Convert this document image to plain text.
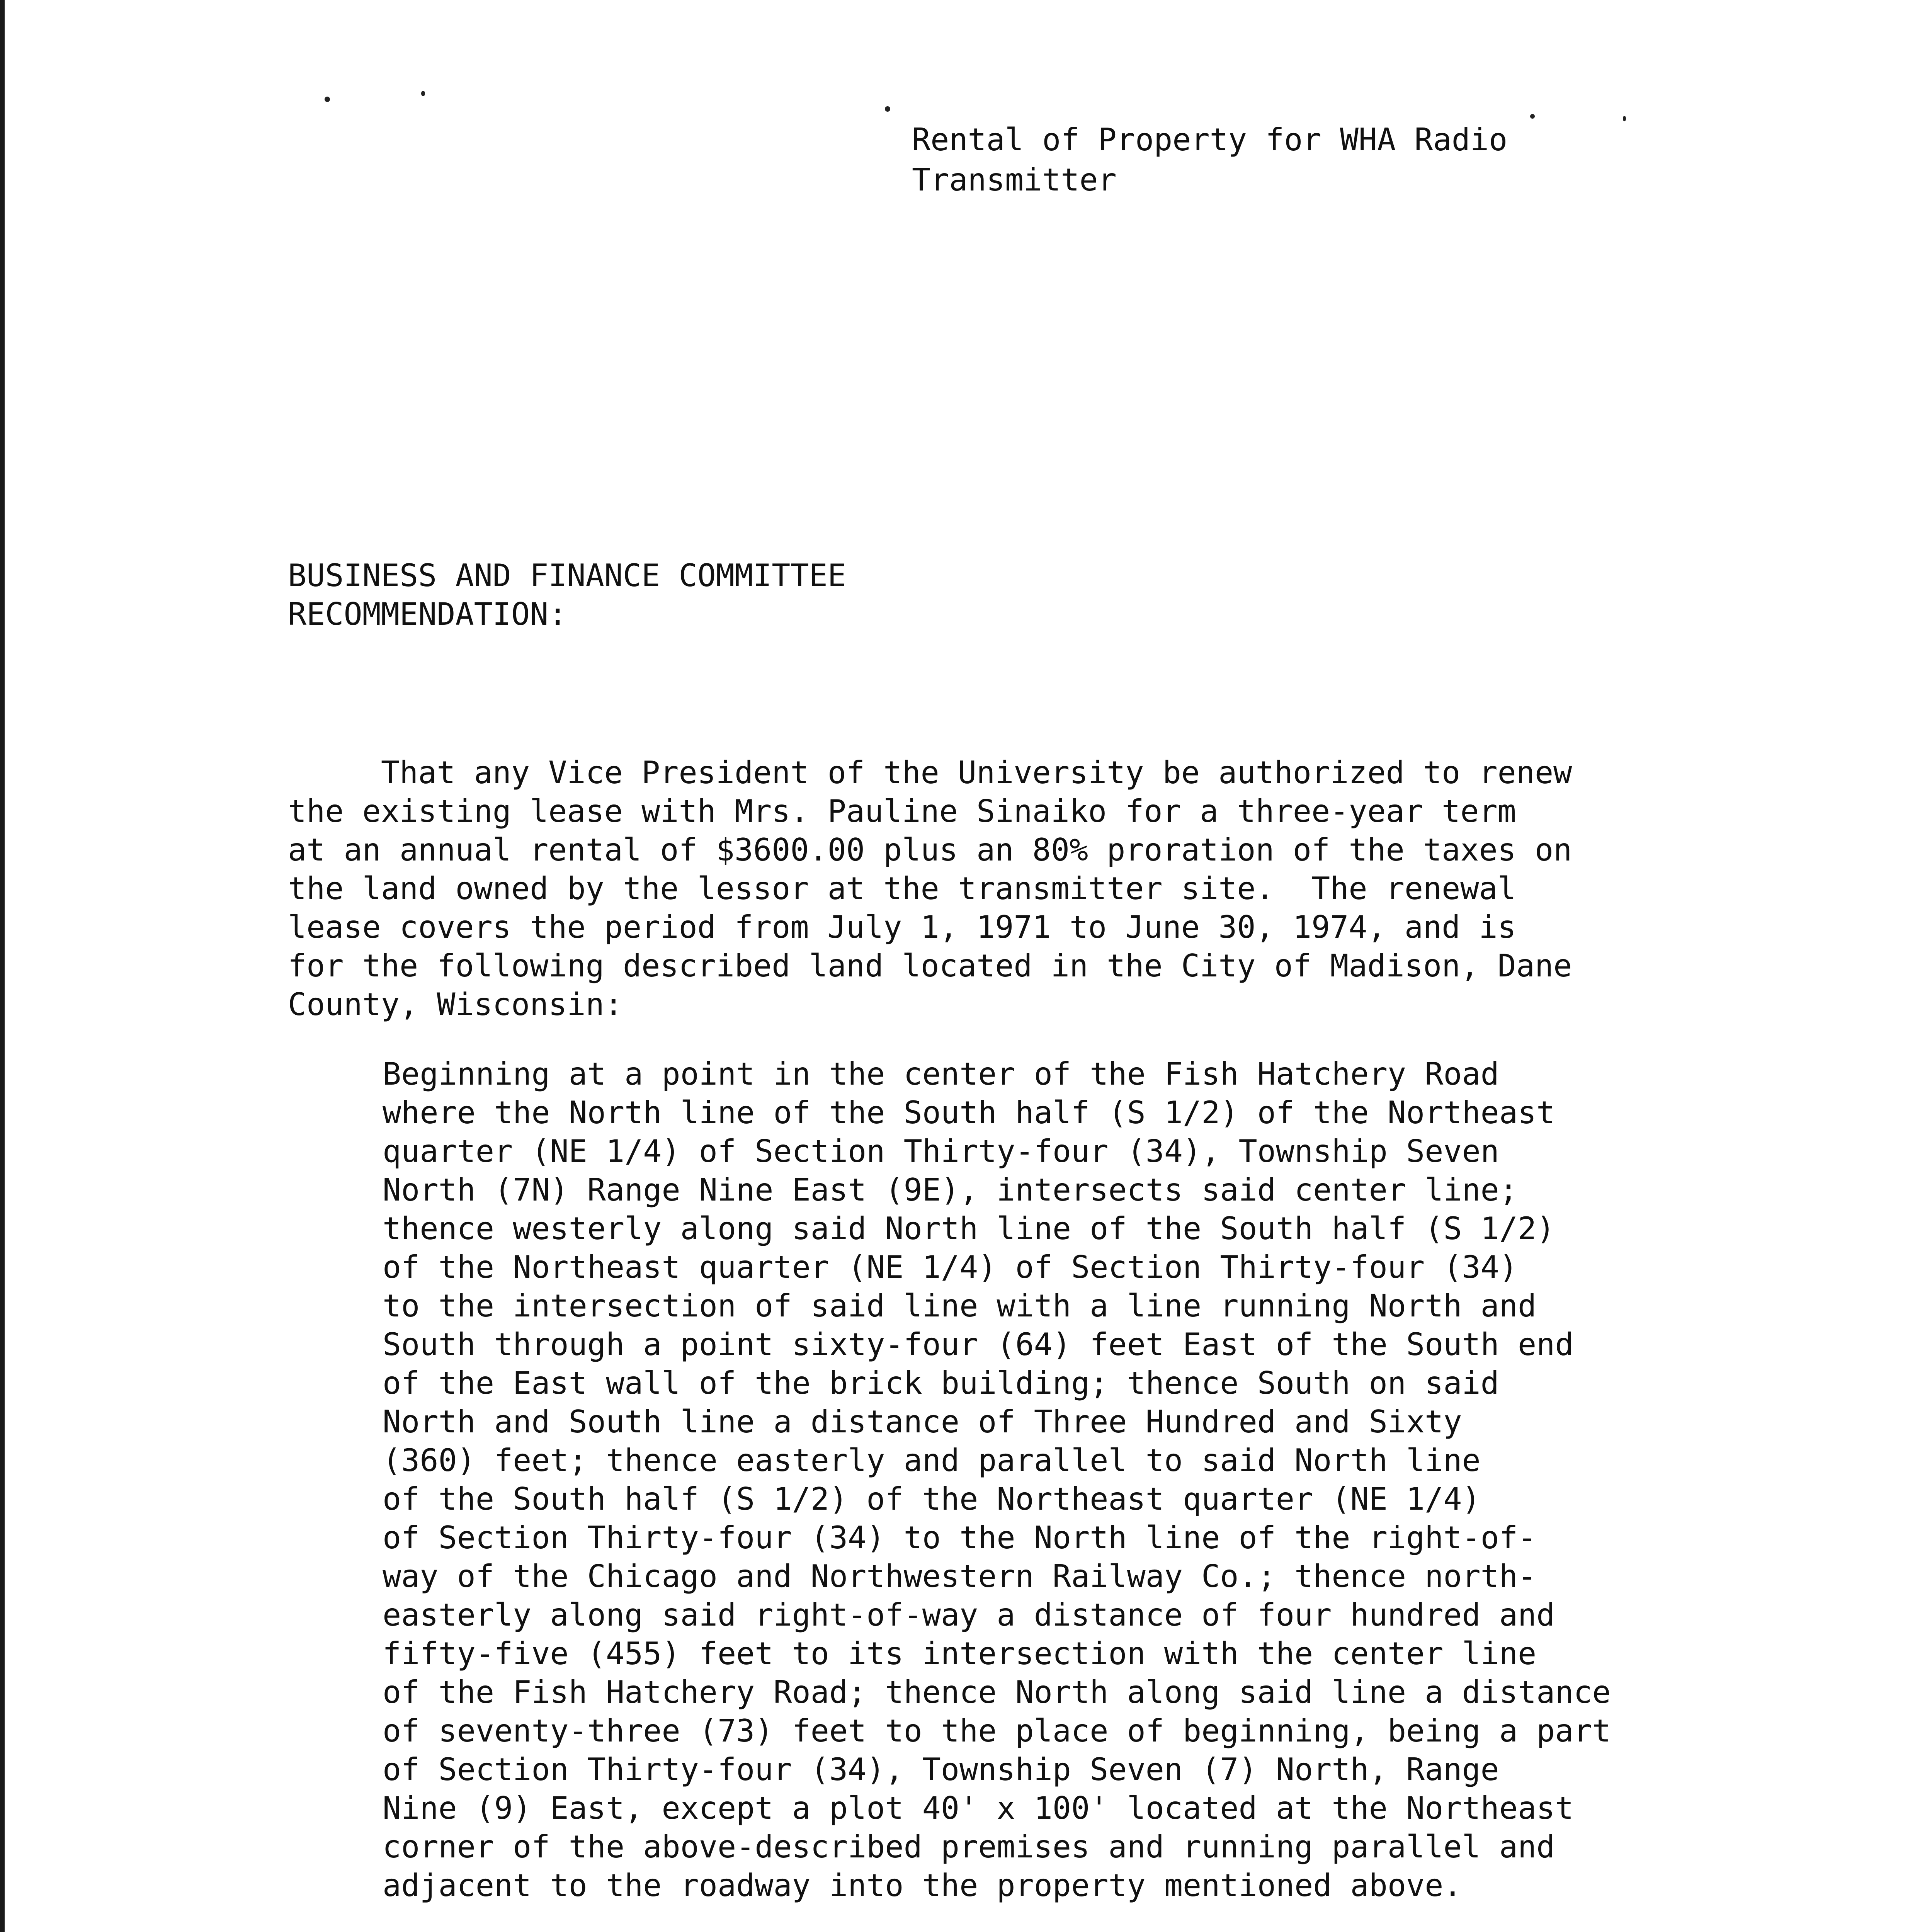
Rental of Property for WHA Radio
Transmitter
BUSINESS AND FINANCE COMMITTEE
RECOMMENDATION:
That any Vice President of the University be authorized to renew
the existing lease with Mrs. Pauline Sinaiko for a three-year term
at an annual rental of $3600.00 plus an 80% proration of the taxes on
the land owned by the lessor at the transmitter site.  The renewal
lease covers the period from July 1, 1971 to June 30, 1974, and is
for the following described land located in the City of Madison, Dane
County, Wisconsin:
Beginning at a point in the center of the Fish Hatchery Road
where the North line of the South half (S 1/2) of the Northeast
quarter (NE 1/4) of Section Thirty-four (34), Township Seven
North (7N) Range Nine East (9E), intersects said center line;
thence westerly along said North line of the South half (S 1/2)
of the Northeast quarter (NE 1/4) of Section Thirty-four (34)
to the intersection of said line with a line running North and
South through a point sixty-four (64) feet East of the South end
of the East wall of the brick building; thence South on said
North and South line a distance of Three Hundred and Sixty
(360) feet; thence easterly and parallel to said North line
of the South half (S 1/2) of the Northeast quarter (NE 1/4)
of Section Thirty-four (34) to the North line of the right-of-
way of the Chicago and Northwestern Railway Co.; thence north-
easterly along said right-of-way a distance of four hundred and
fifty-five (455) feet to its intersection with the center line
of the Fish Hatchery Road; thence North along said line a distance
of seventy-three (73) feet to the place of beginning, being a part
of Section Thirty-four (34), Township Seven (7) North, Range
Nine (9) East, except a plot 40' x 100' located at the Northeast
corner of the above-described premises and running parallel and
adjacent to the roadway into the property mentioned above.
